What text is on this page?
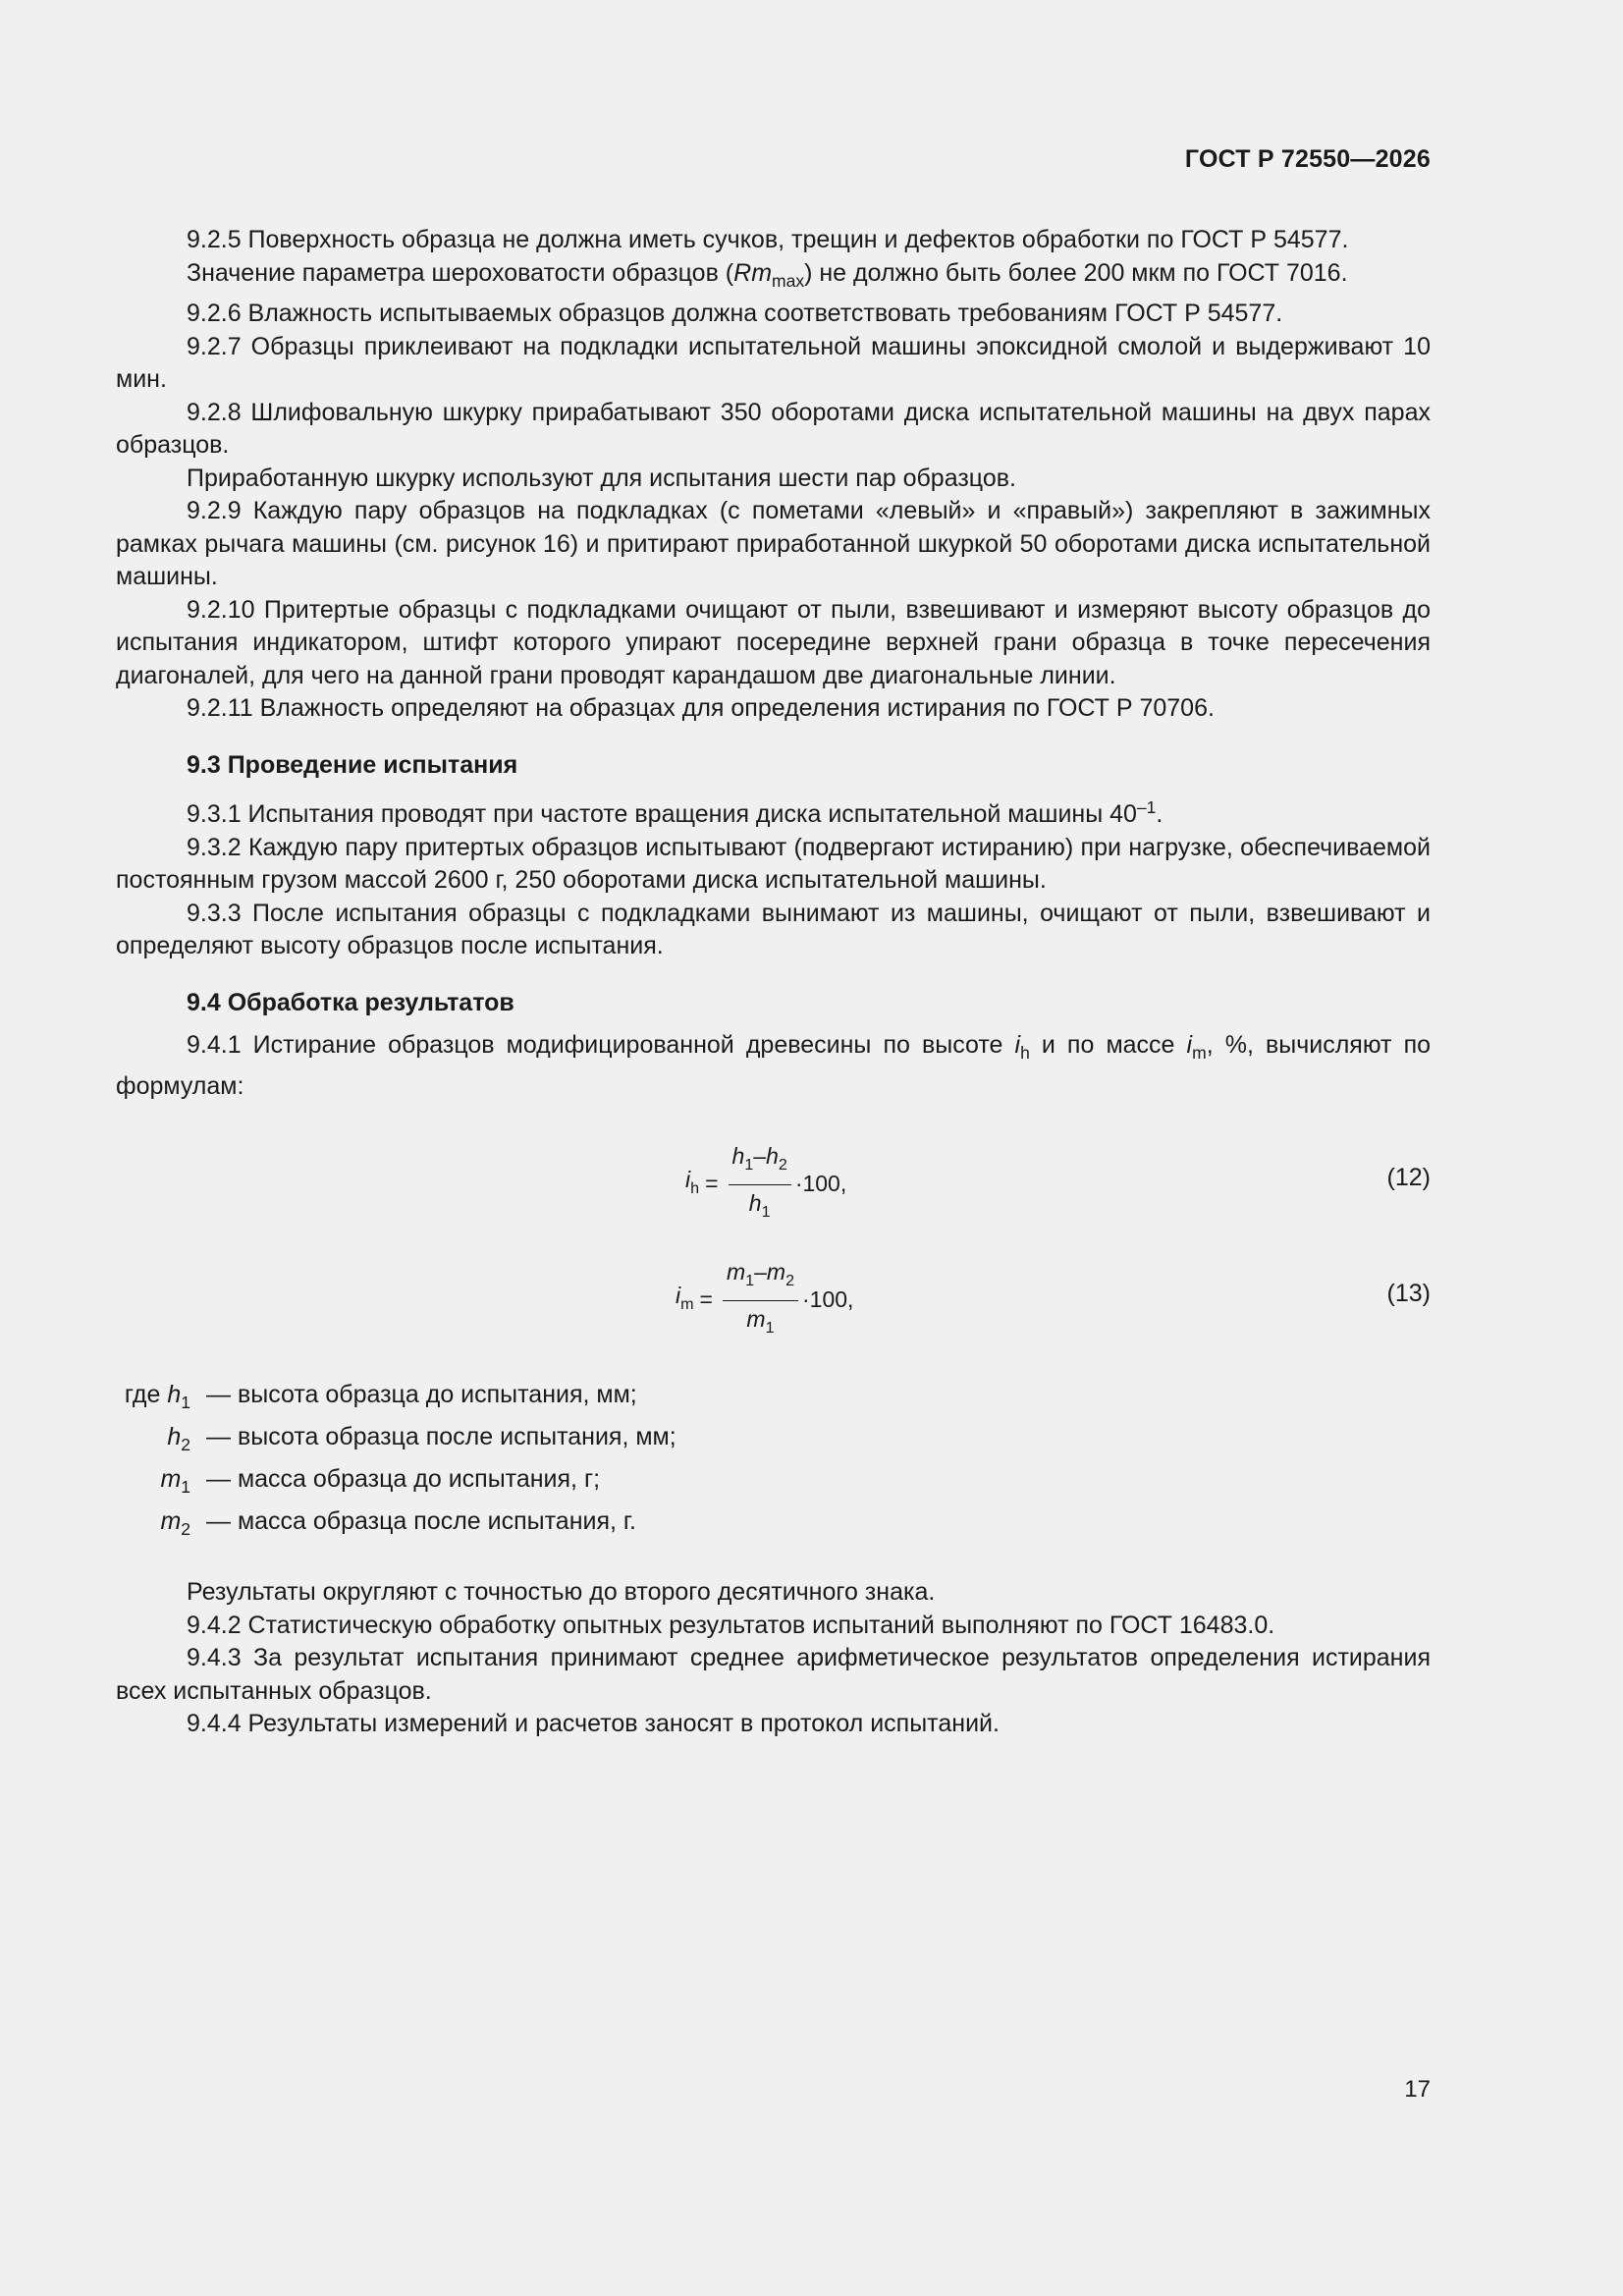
ГОСТ Р 72550—2026

9.2.5 Поверхность образца не должна иметь сучков, трещин и дефектов обработки по ГОСТ Р 54577.

Значение параметра шероховатости образцов $(Rm_{max})$ не должно быть более 200 мкм по ГОСТ 7016.

9.2.6 Влажность испытываемых образцов должна соответствовать требованиям ГОСТ Р 54577.

9.2.7 Образцы приклеивают на подкладки испытательной машины эпоксидной смолой и выдерживают 10 мин.

9.2.8 Шлифовальную шкурку прирабатывают 350 оборотами диска испытательной машины на двух парах образцов.

Приработанную шкурку используют для испытания шести пар образцов.

9.2.9 Каждую пару образцов на подкладках (с пометами «левый» и «правый») закрепляют в зажимных рамках рычага машины (см. рисунок 16) и притирают приработанной шкуркой 50 оборотами диска испытательной машины.

9.2.10 Притертые образцы с подкладками очищают от пыли, взвешивают и измеряют высоту образцов до испытания индикатором, штифт которого упирают посередине верхней грани образца в точке пересечения диагоналей, для чего на данной грани проводят карандашом две диагональные линии.

9.2.11 Влажность определяют на образцах для определения истирания по ГОСТ Р 70706.

9.3 Проведение испытания

9.3.1 Испытания проводят при частоте вращения диска испытательной машины $40^{-1}$.

9.3.2 Каждую пару притертых образцов испытывают (подвергают истиранию) при нагрузке, обеспечиваемой постоянным грузом массой 2600 г, 250 оборотами диска испытательной машины.

9.3.3 После испытания образцы с подкладками вынимают из машины, очищают от пыли, взвешивают и определяют высоту образцов после испытания.

9.4 Обработка результатов

9.4.1 Истирание образцов модифицированной древесины по высоте $i_h$ и по массе $i_m$, %, вычисляют по формулам:

$i_h = \frac{h_1-h_2}{h_1} \cdot 100$,	(12)
$i_m = \frac{m_1-m_2}{m_1} \cdot 100$,	(13)
где $h_1$ — высота образца до испытания, мм;
$h_2$ — высота образца после испытания, мм;
$m_1$ — масса образца до испытания, г;
$m_2$ — масса образца после испытания, г.

Результаты округляют с точностью до второго десятичного знака.

9.4.2 Статистическую обработку опытных результатов испытаний выполняют по ГОСТ 16483.0.

9.4.3 За результат испытания принимают среднее арифметическое результатов определения истирания всех испытанных образцов.

9.4.4 Результаты измерений и расчетов заносят в протокол испытаний.

17
